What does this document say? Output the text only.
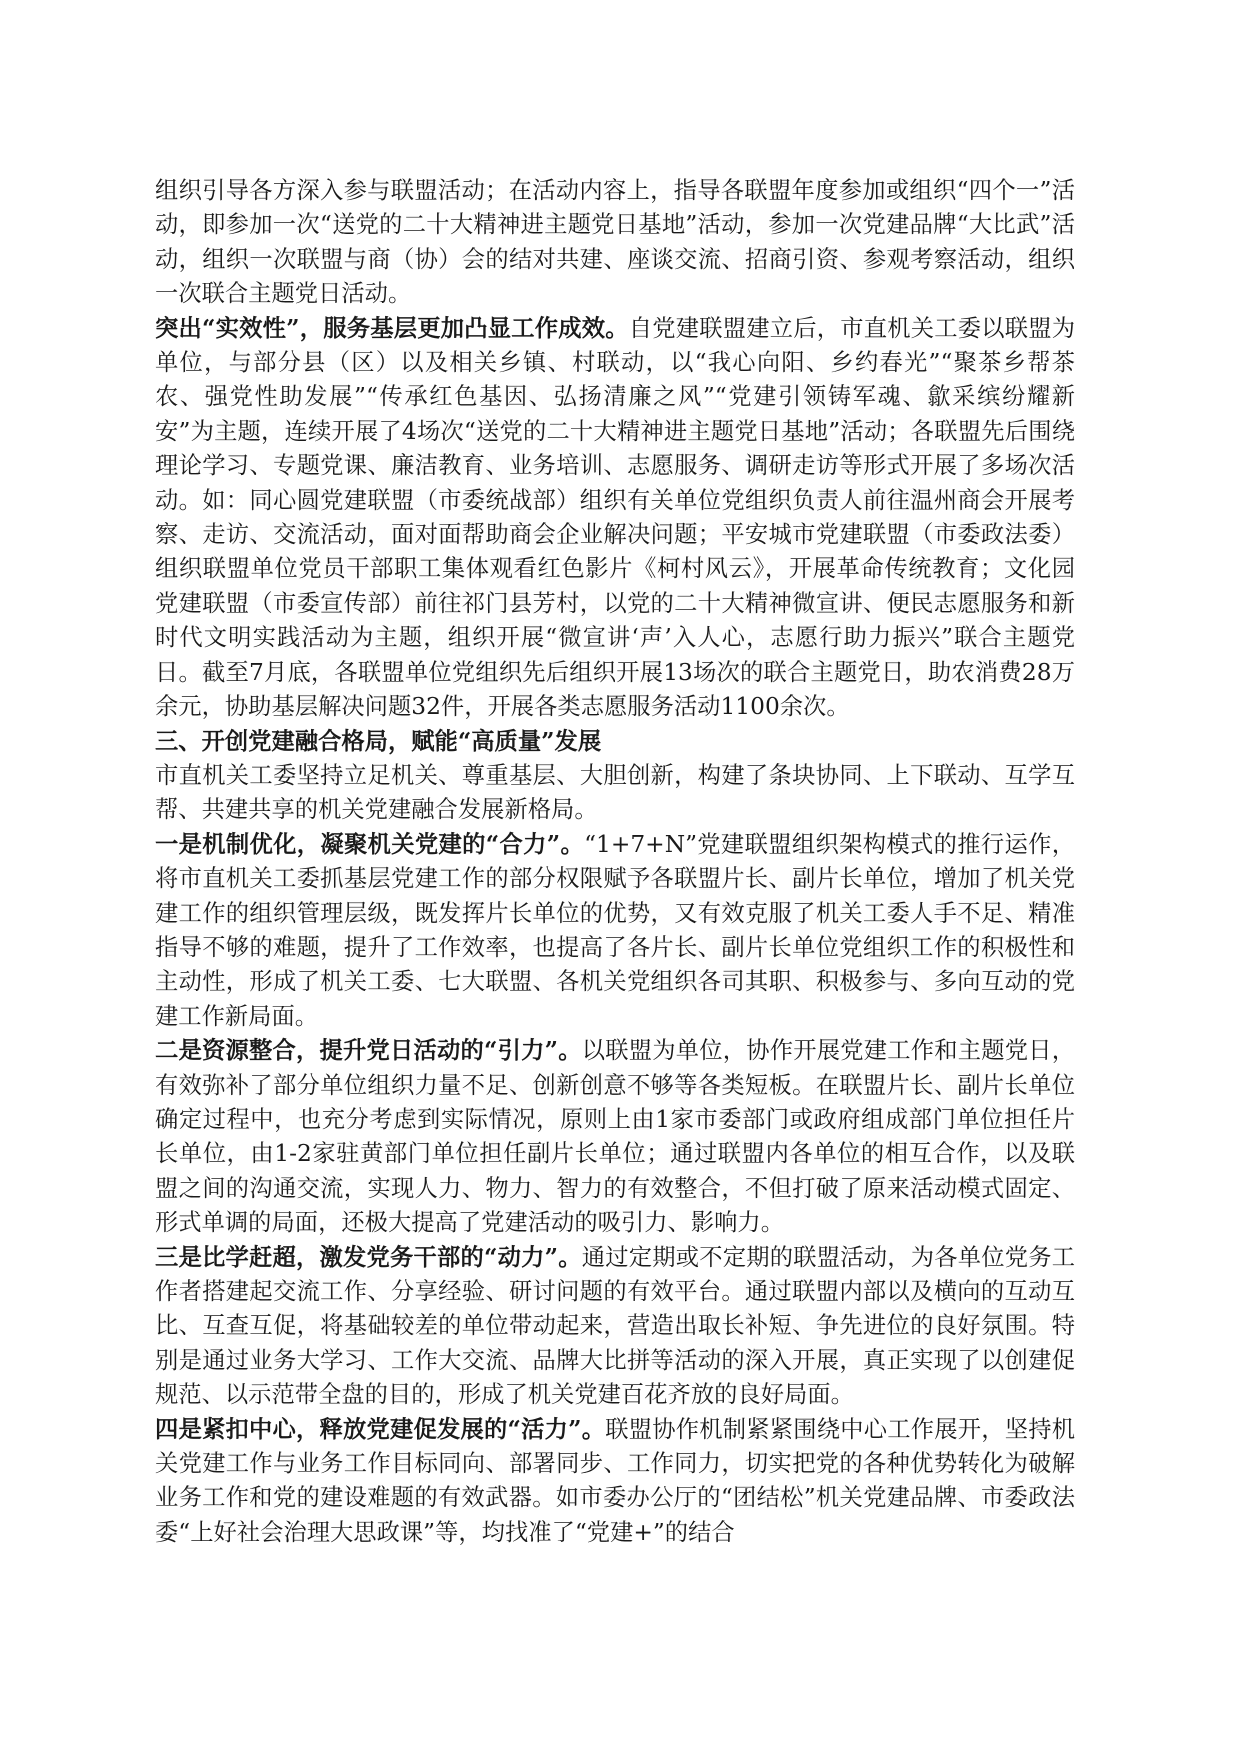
组织引导各方深入参与联盟活动；在活动内容上，指导各联盟年度参加或组织“四个一”活动，即参加一次“送党的二十大精神进主题党日基地”活动，参加一次党建品牌“大比武”活动，组织一次联盟与商（协）会的结对共建、座谈交流、招商引资、参观考察活动，组织一次联合主题党日活动。

突出“实效性”，服务基层更加凸显工作成效。自党建联盟建立后，市直机关工委以联盟为单位，与部分县（区）以及相关乡镇、村联动，以“我心向阳、乡约春光”“聚茶乡帮茶农、强党性助发展”“传承红色基因、弘扬清廉之风”“党建引领铸军魂、歙采缤纷耀新安”为主题，连续开展了4场次“送党的二十大精神进主题党日基地”活动；各联盟先后围绕理论学习、专题党课、廉洁教育、业务培训、志愿服务、调研走访等形式开展了多场次活动。如：同心圆党建联盟（市委统战部）组织有关单位党组织负责人前往温州商会开展考察、走访、交流活动，面对面帮助商会企业解决问题；平安城市党建联盟（市委政法委）组织联盟单位党员干部职工集体观看红色影片《柯村风云》，开展革命传统教育；文化园党建联盟（市委宣传部）前往祁门县芳村，以党的二十大精神微宣讲、便民志愿服务和新时代文明实践活动为主题，组织开展“微宣讲‘声’入人心，志愿行助力振兴”联合主题党日。截至7月底，各联盟单位党组织先后组织开展13场次的联合主题党日，助农消费28万余元，协助基层解决问题32件，开展各类志愿服务活动1100余次。

三、开创党建融合格局，赋能“高质量”发展

市直机关工委坚持立足机关、尊重基层、大胆创新，构建了条块协同、上下联动、互学互帮、共建共享的机关党建融合发展新格局。

一是机制优化，凝聚机关党建的“合力”。“1+7+N”党建联盟组织架构模式的推行运作，将市直机关工委抓基层党建工作的部分权限赋予各联盟片长、副片长单位，增加了机关党建工作的组织管理层级，既发挥片长单位的优势，又有效克服了机关工委人手不足、精准指导不够的难题，提升了工作效率，也提高了各片长、副片长单位党组织工作的积极性和主动性，形成了机关工委、七大联盟、各机关党组织各司其职、积极参与、多向互动的党建工作新局面。

二是资源整合，提升党日活动的“引力”。以联盟为单位，协作开展党建工作和主题党日，有效弥补了部分单位组织力量不足、创新创意不够等各类短板。在联盟片长、副片长单位确定过程中，也充分考虑到实际情况，原则上由1家市委部门或政府组成部门单位担任片长单位，由1-2家驻黄部门单位担任副片长单位；通过联盟内各单位的相互合作，以及联盟之间的沟通交流，实现人力、物力、智力的有效整合，不但打破了原来活动模式固定、形式单调的局面，还极大提高了党建活动的吸引力、影响力。

三是比学赶超，激发党务干部的“动力”。通过定期或不定期的联盟活动，为各单位党务工作者搭建起交流工作、分享经验、研讨问题的有效平台。通过联盟内部以及横向的互动互比、互查互促，将基础较差的单位带动起来，营造出取长补短、争先进位的良好氛围。特别是通过业务大学习、工作大交流、品牌大比拼等活动的深入开展，真正实现了以创建促规范、以示范带全盘的目的，形成了机关党建百花齐放的良好局面。

四是紧扣中心，释放党建促发展的“活力”。联盟协作机制紧紧围绕中心工作展开，坚持机关党建工作与业务工作目标同向、部署同步、工作同力，切实把党的各种优势转化为破解业务工作和党的建设难题的有效武器。如市委办公厅的“团结松”机关党建品牌、市委政法委“上好社会治理大思政课”等，均找准了“党建+”的结合
